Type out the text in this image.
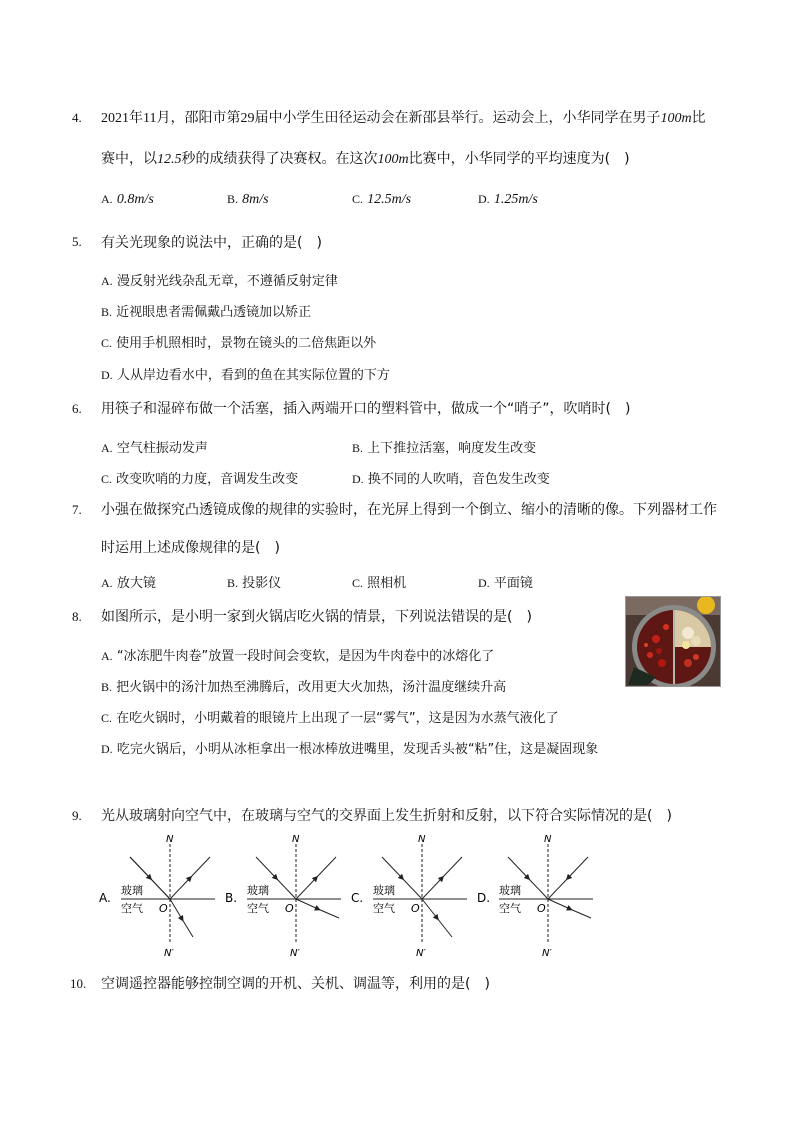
4. 2021年11月，邵阳市第29届中小学生田径运动会在新邵县举行。运动会上，小华同学在男子100m比
赛中，以12.5秒的成绩获得了决赛权。在这次100m比赛中，小华同学的平均速度为(　)
A. 0.8m/s	B. 8m/s	C. 12.5m/s	D. 1.25m/s
5. 有关光现象的说法中，正确的是(　)
A. 漫反射光线杂乱无章，不遵循反射定律
B. 近视眼患者需佩戴凸透镜加以矫正
C. 使用手机照相时，景物在镜头的二倍焦距以外
D. 人从岸边看水中，看到的鱼在其实际位置的下方
6. 用筷子和湿碎布做一个活塞，插入两端开口的塑料管中，做成一个“哨子”，吹哨时(　)
A. 空气柱振动发声	B. 上下推拉活塞，响度发生改变
C. 改变吹哨的力度，音调发生改变	D. 换不同的人吹哨，音色发生改变
7. 小强在做探究凸透镜成像的规律的实验时，在光屏上得到一个倒立、缩小的清晰的像。下列器材工作
时运用上述成像规律的是(　)
A. 放大镜	B. 投影仪	C. 照相机	D. 平面镜
8. 如图所示，是小明一家到火锅店吃火锅的情景，下列说法错误的是(　)
A. “冰冻肥牛肉卷”放置一段时间会变软，是因为牛肉卷中的冰熔化了
B. 把火锅中的汤汁加热至沸腾后，改用更大火加热，汤汁温度继续升高
C. 在吃火锅时，小明戴着的眼镜片上出现了一层“雾气”，这是因为水蒸气液化了
D. 吃完火锅后，小明从冰柜拿出一根冰棒放进嘴里，发现舌头被“粘”住，这是凝固现象
9. 光从玻璃射向空气中，在玻璃与空气的交界面上发生折射和反射，以下符合实际情况的是(　)
A.
玻璃
空气
N
N′
O
B.
玻璃
空气
N
N′
O
C.
玻璃
空气
N
N′
O
D.
玻璃
空气
N
N′
O
10. 空调遥控器能够控制空调的开机、关机、调温等，利用的是(　)
